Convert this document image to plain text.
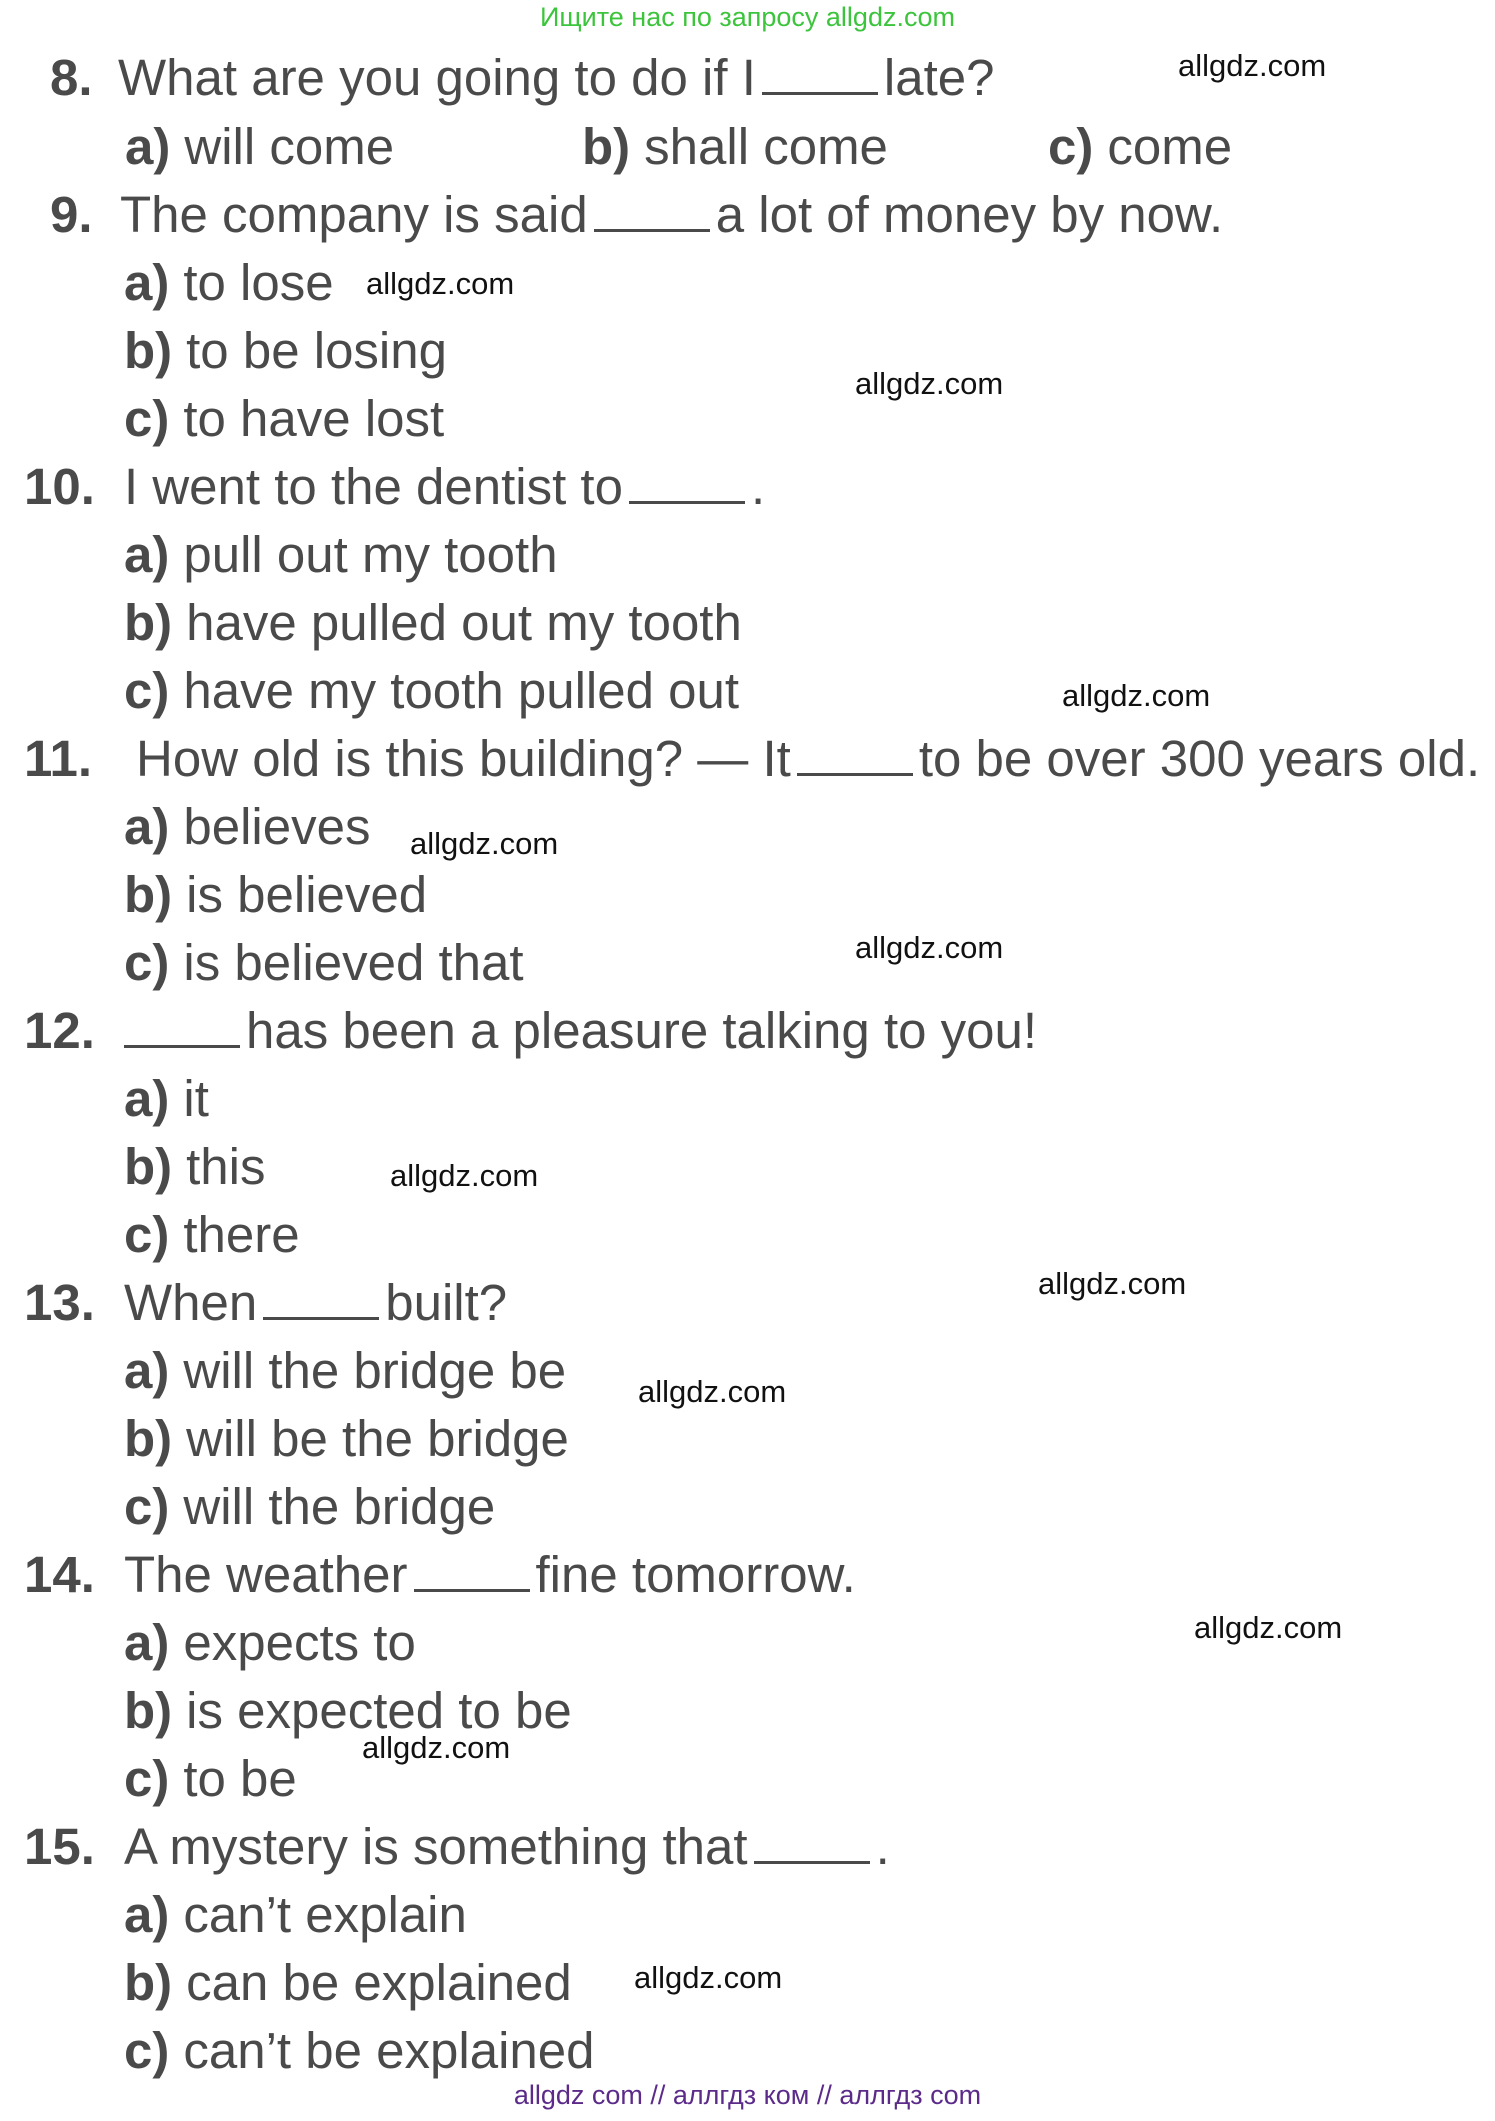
Ищите нас по запросу allgdz.com
8. What are you going to do if I	late?
a) will come	b) shall come	c) come
9. The company is said	a lot of money by now.
a) to lose
b) to be losing
c) to have lost
10. I went to the dentist to	.
a) pull out my tooth
b) have pulled out my tooth
c) have my tooth pulled out
11. How old is this building? — It	to be over 300 years old.
a) believes
b) is believed
c) is believed that
12.	has been a pleasure talking to you!
a) it
b) this
c) there
13. When	built?
a) will the bridge be
b) will be the bridge
c) will the bridge
14. The weather	fine tomorrow.
a) expects to
b) is expected to be
c) to be
15. A mystery is something that	.
a) can’t explain
b) can be explained
c) can’t be explained
allgdz.com
allgdz.com
allgdz.com
allgdz.com
allgdz.com
allgdz.com
allgdz.com
allgdz.com
allgdz.com
allgdz.com
allgdz.com
allgdz.com
allgdz com // аллгдз ком // аллгдз com
